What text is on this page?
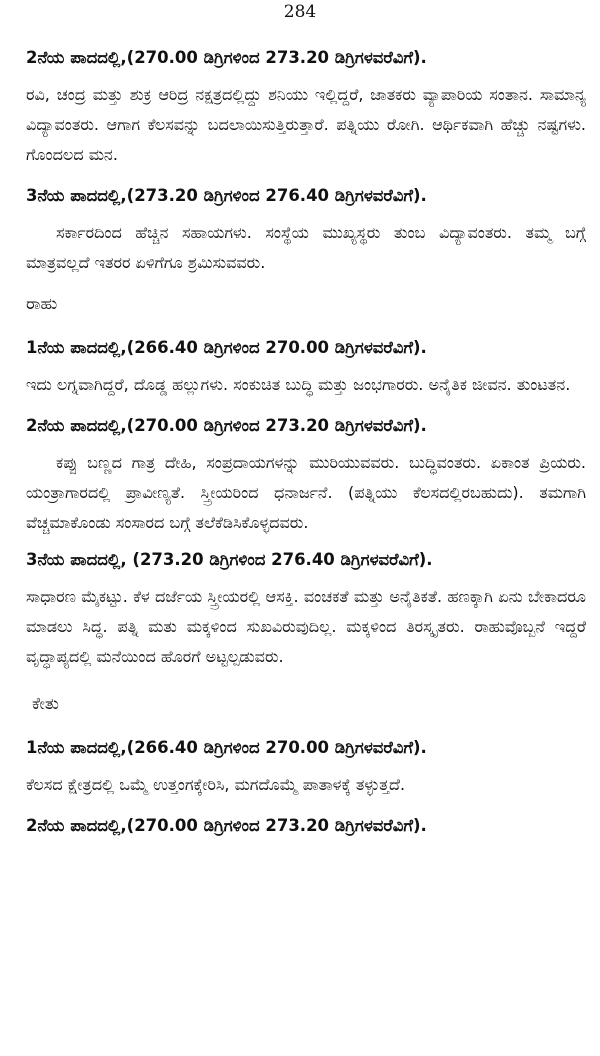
284
2ನೆಯ ಪಾದದಲ್ಲಿ,(270.00 ಡಿಗ್ರಿಗಳಿಂದ 273.20 ಡಿಗ್ರಿಗಳವರೆವಿಗೆ).
ರವಿ, ಚಂದ್ರ ಮತ್ತು ಶುಕ್ರ ಆರಿದ್ರ ನಕ್ಷತ್ರದಲ್ಲಿದ್ದು ಶನಿಯು ಇಲ್ಲಿದ್ದರೆ, ಜಾತಕರು ವ್ಯಾಪಾರಿಯ ಸಂತಾನ. ಸಾಮಾನ್ಯ ವಿದ್ಯಾವಂತರು. ಆಗಾಗ ಕೆಲಸವನ್ನು ಬದಲಾಯಿಸುತ್ತಿರುತ್ತಾರೆ. ಪತ್ನಿಯು ರೋಗಿ. ಆರ್ಥಿಕವಾಗಿ ಹೆಚ್ಚು ನಷ್ಟಗಳು. ಗೊಂದಲದ ಮನ.
3ನೆಯ ಪಾದದಲ್ಲಿ,(273.20 ಡಿಗ್ರಿಗಳಿಂದ 276.40 ಡಿಗ್ರಿಗಳವರೆವಿಗೆ).
ಸರ್ಕಾರದಿಂದ ಹೆಚ್ಚಿನ ಸಹಾಯಗಳು. ಸಂಸ್ಥೆಯ ಮುಖ್ಯಸ್ಥರು ತುಂಬ ವಿದ್ಯಾವಂತರು. ತಮ್ಮ ಬಗ್ಗೆ ಮಾತ್ರವಲ್ಲದೆ ಇತರರ ಏಳಿಗೆಗೂ ಶ್ರಮಿಸುವವರು.
ರಾಹು
1ನೆಯ ಪಾದದಲ್ಲಿ,(266.40 ಡಿಗ್ರಿಗಳಿಂದ 270.00 ಡಿಗ್ರಿಗಳವರೆವಿಗೆ).
ಇದು ಲಗ್ನವಾಗಿದ್ದರೆ, ದೊಡ್ಡ ಹಲ್ಲುಗಳು. ಸಂಕುಚಿತ ಬುದ್ಧಿ ಮತ್ತು ಜಂಭಗಾರರು. ಅನೈತಿಕ ಜೀವನ. ತುಂಟತನ.
2ನೆಯ ಪಾದದಲ್ಲಿ,(270.00 ಡಿಗ್ರಿಗಳಿಂದ 273.20 ಡಿಗ್ರಿಗಳವರೆವಿಗೆ).
ಕಪ್ಪು ಬಣ್ಣದ ಗಾತ್ರ ದೇಹಿ, ಸಂಪ್ರದಾಯಗಳನ್ನು ಮುರಿಯುವವರು. ಬುದ್ಧಿವಂತರು. ಏಕಾಂತ ಪ್ರಿಯರು. ಯಂತ್ರಾಗಾರದಲ್ಲಿ ಪ್ರಾವೀಣ್ಯತೆ. ಸ್ತ್ರೀಯರಿಂದ ಧನಾರ್ಜನೆ. (ಪತ್ನಿಯು ಕೆಲಸದಲ್ಲಿರಬಹುದು). ತಮಗಾಗಿ ವೆಚ್ಚಮಾಕೊಂಡು ಸಂಸಾರದ ಬಗ್ಗೆ ತಲೆಕೆಡಿಸಿಕೊಳ್ಳದವರು.
3ನೆಯ ಪಾದದಲ್ಲಿ, (273.20 ಡಿಗ್ರಿಗಳಿಂದ 276.40 ಡಿಗ್ರಿಗಳವರೆವಿಗೆ).
ಸಾಧಾರಣ ಮೈಕಟ್ಟು. ಕೆಳ ದರ್ಜೆಯ ಸ್ತ್ರೀಯರಲ್ಲಿ ಆಸಕ್ತಿ. ವಂಚಕತೆ ಮತ್ತು ಅನೈತಿಕತೆ. ಹಣಕ್ಕಾಗಿ ಏನು ಬೇಕಾದರೂ ಮಾಡಲು ಸಿದ್ಧ. ಪತ್ನಿ ಮತು ಮಕ್ಕಳಿಂದ ಸುಖವಿರುವುದಿಲ್ಲ. ಮಕ್ಕಳಿಂದ ತಿರಸ್ಕೃತರು. ರಾಹುವೊಬ್ಬನೆ ಇದ್ದರೆ ವೃದ್ಧಾಪ್ಯದಲ್ಲಿ ಮನೆಯಿಂದ ಹೊರಗೆ ಅಟ್ಟಲ್ಪಡುವರು.
ಕೇತು
1ನೆಯ ಪಾದದಲ್ಲಿ,(266.40 ಡಿಗ್ರಿಗಳಿಂದ 270.00 ಡಿಗ್ರಿಗಳವರೆವಿಗೆ).
ಕೆಲಸದ ಕ್ಷೇತ್ರದಲ್ಲಿ ಒಮ್ಮೆ ಉತ್ತಂಗಕ್ಕೇರಿಸಿ, ಮಗದೊಮ್ಮೆ ಪಾತಾಳಕ್ಕೆ ತಳ್ಳುತ್ತದೆ.
2ನೆಯ ಪಾದದಲ್ಲಿ,(270.00 ಡಿಗ್ರಿಗಳಿಂದ 273.20 ಡಿಗ್ರಿಗಳವರೆವಿಗೆ).
